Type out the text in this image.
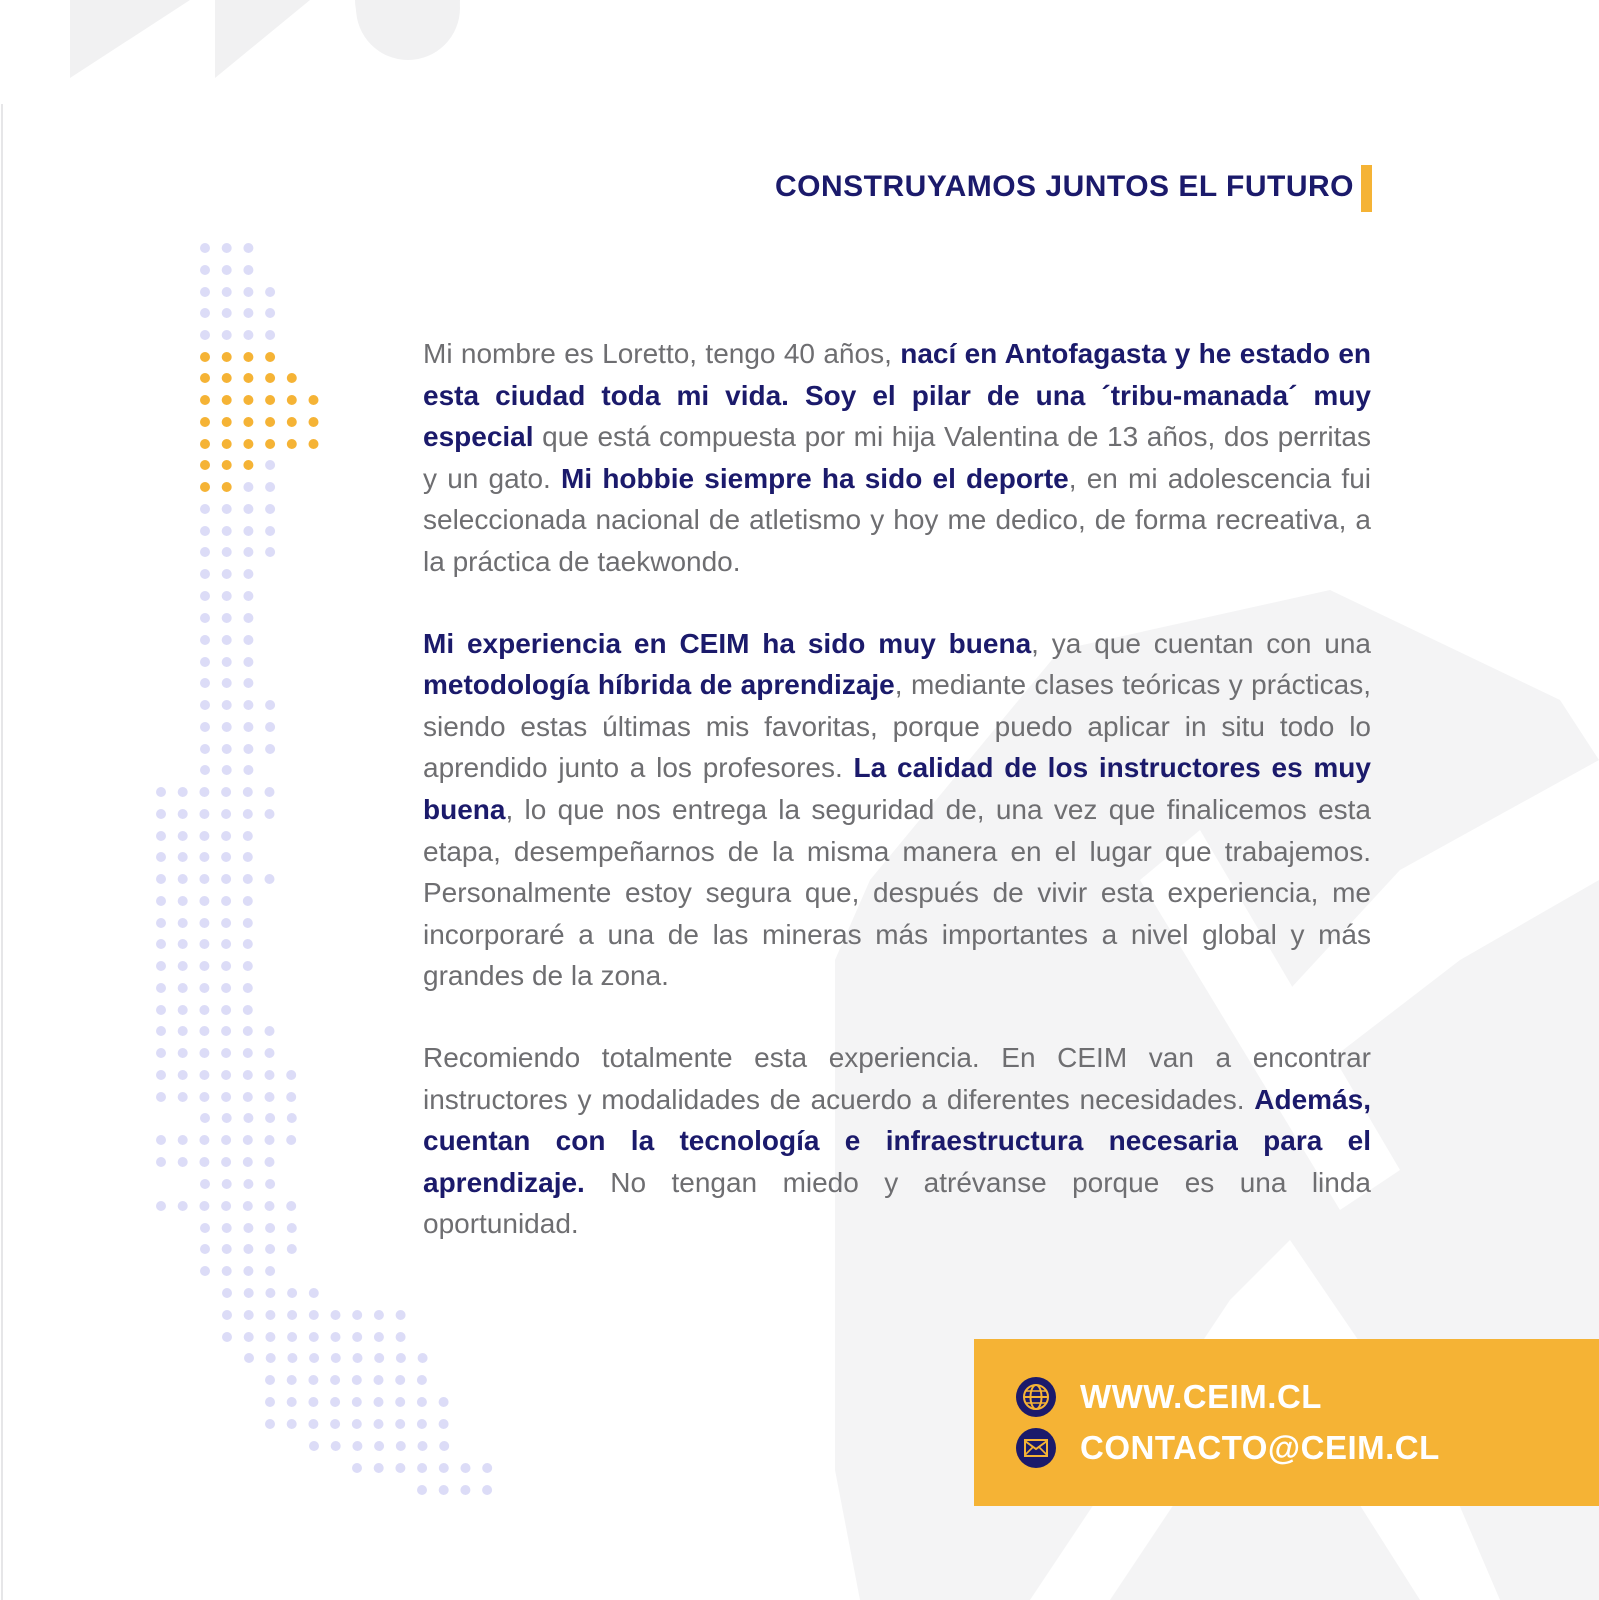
CONSTRUYAMOS JUNTOS EL FUTURO

Mi nombre es Loretto, tengo 40 años, nací en Antofagasta y he estado en esta ciudad toda mi vida. Soy el pilar de una ´tribu-manada´ muy especial que está compuesta por mi hija Valentina de 13 años, dos perritas y un gato. Mi hobbie siempre ha sido el deporte, en mi adolescencia fui seleccionada nacional de atletismo y hoy me dedico, de forma recreativa, a la práctica de taekwondo.

Mi experiencia en CEIM ha sido muy buena, ya que cuentan con una metodología híbrida de aprendizaje, mediante clases teóricas y prácticas, siendo estas últimas mis favoritas, porque puedo aplicar in situ todo lo aprendido junto a los profesores. La calidad de los instructores es muy buena, lo que nos entrega la seguridad de, una vez que finalicemos esta etapa, desempeñarnos de la misma manera en el lugar que trabajemos. Personalmente estoy segura que, después de vivir esta experiencia, me incorporaré a una de las mineras más importantes a nivel global y más grandes de la zona.

Recomiendo totalmente esta experiencia. En CEIM van a encontrar instructores y modalidades de acuerdo a diferentes necesidades. Además, cuentan con la tecnología e infraestructura necesaria para el aprendizaje. No tengan miedo y atrévanse porque es una linda oportunidad.

WWW.CEIM.CL
CONTACTO@CEIM.CL
